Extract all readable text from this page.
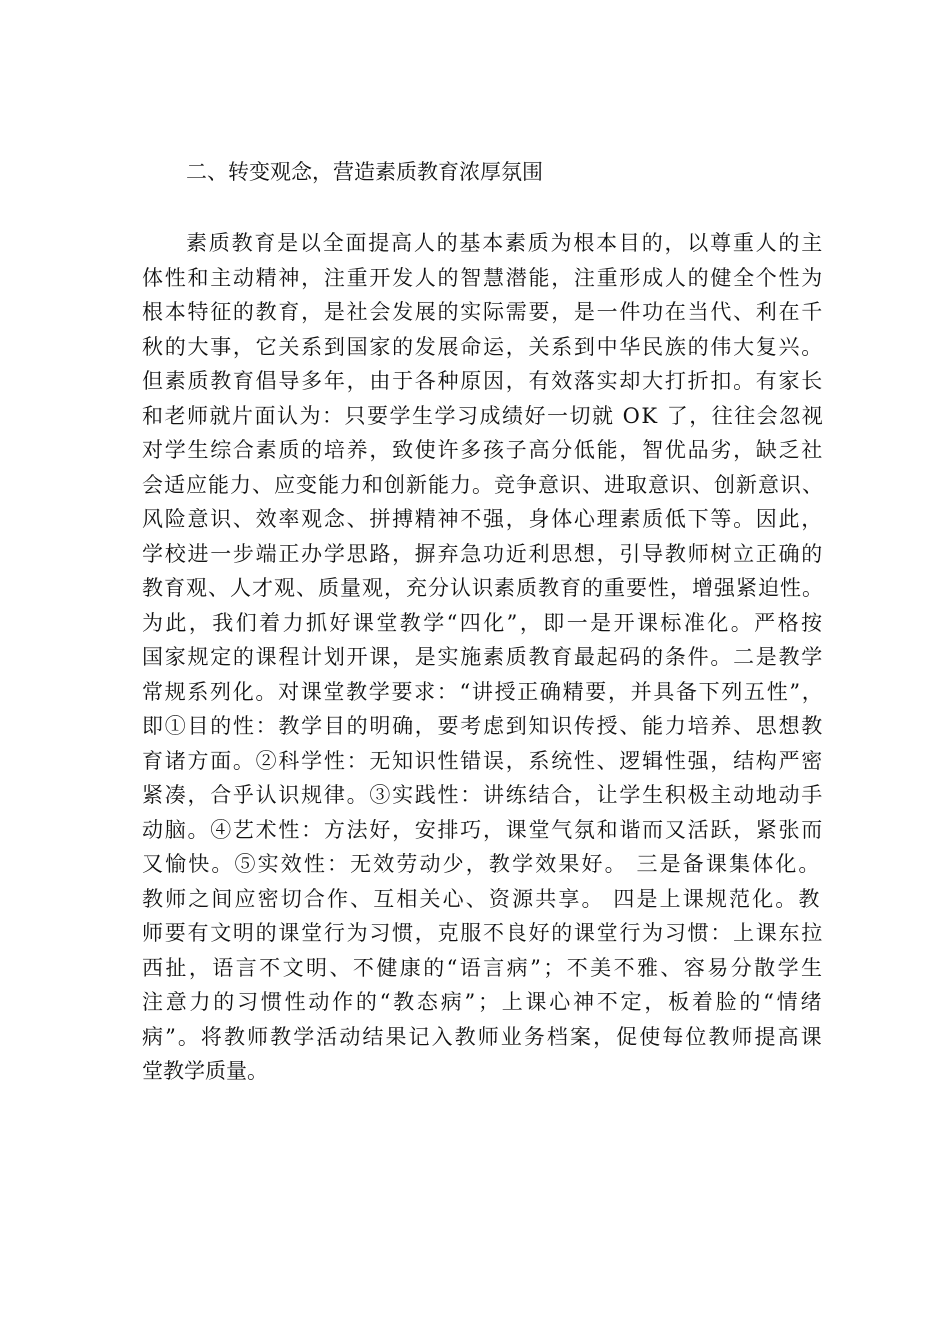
二、转变观念，营造素质教育浓厚氛围
素质教育是以全面提高人的基本素质为根本目的，以尊重人的主
体性和主动精神，注重开发人的智慧潜能，注重形成人的健全个性为
根本特征的教育，是社会发展的实际需要，是一件功在当代、利在千
秋的大事，它关系到国家的发展命运，关系到中华民族的伟大复兴。
但素质教育倡导多年，由于各种原因，有效落实却大打折扣。有家长
和老师就片面认为：只要学生学习成绩好一切就 OK 了，往往会忽视
对学生综合素质的培养，致使许多孩子高分低能，智优品劣，缺乏社
会适应能力、应变能力和创新能力。竞争意识、进取意识、创新意识、
风险意识、效率观念、拼搏精神不强，身体心理素质低下等。因此，
学校进一步端正办学思路，摒弃急功近利思想，引导教师树立正确的
教育观、人才观、质量观，充分认识素质教育的重要性，增强紧迫性。
为此，我们着力抓好课堂教学“四化”，即一是开课标准化。严格按
国家规定的课程计划开课，是实施素质教育最起码的条件。二是教学
常规系列化。对课堂教学要求：“讲授正确精要，并具备下列五性”，
即①目的性：教学目的明确，要考虑到知识传授、能力培养、思想教
育诸方面。②科学性：无知识性错误，系统性、逻辑性强，结构严密
紧凑，合乎认识规律。③实践性：讲练结合，让学生积极主动地动手
动脑。④艺术性：方法好，安排巧，课堂气氛和谐而又活跃，紧张而
又愉快。⑤实效性：无效劳动少，教学效果好。 三是备课集体化。
教师之间应密切合作、互相关心、资源共享。 四是上课规范化。教
师要有文明的课堂行为习惯，克服不良好的课堂行为习惯：上课东拉
西扯，语言不文明、不健康的“语言病”；不美不雅、容易分散学生
注意力的习惯性动作的“教态病”；上课心神不定，板着脸的“情绪
病”。将教师教学活动结果记入教师业务档案，促使每位教师提高课
堂教学质量。
